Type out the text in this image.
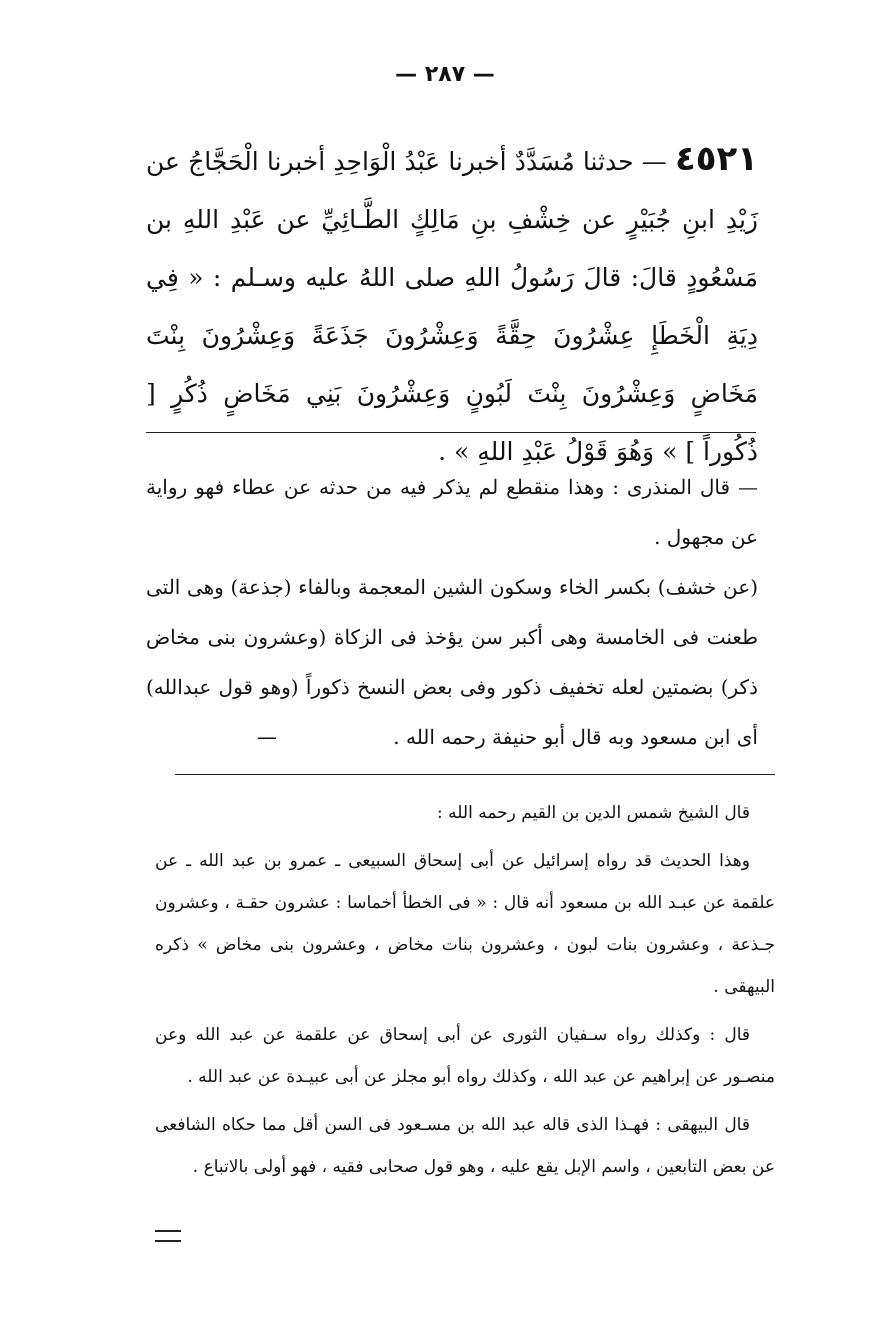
— ٢٨٧ —
٤٥٢١ — حدثنا مُسَدَّدٌ أخبرنا عَبْدُ الْوَاحِدِ أخبرنا الْحَجَّاجُ عن زَيْدِ ابنِ جُبَيْرٍ عن خِشْفِ بنِ مَالِكٍ الطَّـائِيِّ عن عَبْدِ اللهِ بن مَسْعُودٍ قالَ: قالَ رَسُولُ اللهِ صلى اللهُ عليه وسـلم : « فِي دِيَةِ الْخَطَإِ عِشْرُونَ حِقَّةً وَعِشْرُونَ جَذَعَةً وَعِشْرُونَ بِنْتَ مَخَاضٍ وَعِشْرُونَ بِنْتَ لَبُونٍ وَعِشْرُونَ بَنِي مَخَاضٍ ذُكُرٍ [ ذُكُوراً ] » وَهُوَ قَوْلُ عَبْدِ اللهِ » .

— قال المنذرى : وهذا منقطع لم يذكر فيه من حدثه عن عطاء فهو رواية عن مجهول .

(عن خشف) بكسر الخاء وسكون الشين المعجمة وبالفاء (جذعة) وهى التى طعنت فى الخامسة وهى أكبر سن يؤخذ فى الزكاة (وعشرون بنى مخاض ذكر) بضمتين لعله تخفيف ذكور وفى بعض النسخ ذكوراً (وهو قول عبدالله) أى ابن مسعود وبه قال أبو حنيفة رحمه الله . —

قال الشيخ شمس الدين بن القيم رحمه الله :

وهذا الحديث قد رواه إسرائيل عن أبى إسحاق السبيعى ـ عمرو بن عبد الله ـ عن علقمة عن عبـد الله بن مسعود أنه قال : « فى الخطأ أخماسا : عشرون حقـة ، وعشرون جـذعة ، وعشرون بنات لبون ، وعشرون بنات مخاض ، وعشرون بنى مخاض » ذكره البيهقى .

قال : وكذلك رواه سـفيان الثورى عن أبى إسحاق عن علقمة عن عبد الله وعن منصـور عن إبراهيم عن عبد الله ، وكذلك رواه أبو مجلز عن أبى عبيـدة عن عبد الله .

قال البيهقى : فهـذا الذى قاله عبد الله بن مسـعود فى السن أقل مما حكاه الشافعى عن بعض التابعين ، واسم الإبل يقع عليه ، وهو قول صحابى فقيه ، فهو أولى بالاتباع .
